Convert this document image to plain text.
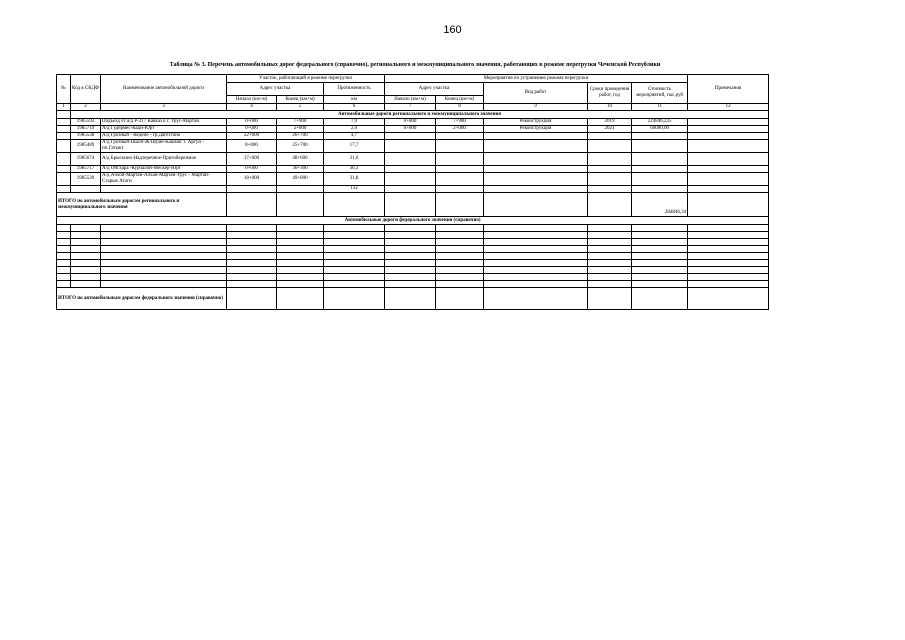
160
Таблица № 3. Перечень автомобильных дорог федерального (справочно), регионального и межмуниципального значения, работающих в режиме перегрузки Чеченской Республики
№	Код в СКДФ	Наименование автомобильной дороги	Участок, работающий в режиме перегрузки			Мероприятия по устранению режима перегрузки					Примечания
			Адрес участка		Протяженность	Адрес участка		Вид работ	Сроки проведения работ, год	Стоимость мероприятий, тыс.руб	
			Начало (км+м)	Конец (км+м)	км	Начало (км+м)	Конец (км+м)				
1	2	3	4	5	6	7	8	9	10	11	12
	Автомобильные дороги регионального и межмуниципального значения										
	1985592	Подъезд от а/д Р-217 Кавказ к г. Урус-Мартан	0+000	7+900	7,9	0+000	7+900	Реконструкция	2019	224846,235	
	1985719	А/д Гудермес-Кади-Юрт	0+000	2+000	2,0	0+000	2+000	Реконструкция	2021	60000,00	
	1985538	А/д Грозный - Ведено - гр.Дагестана	22+000	26+700	4,7						
	1985489	А/д Грозный-Шали-Ж/Шуме-Кашмаг з. Аргун - пп.Гатыкт	8+000	25+700	17,7						
	1985674	А/д Брыскино-Надтеречное-Пригобережное	17+000	48+600	31,6						
	1985717	А/д Ойсхара -Курчалой-Мескер-Юрт	0+000	36+300	36,3						
	1985539	А/д Ачхой-Мартан-Алхан-Мартан-Урус - Мартан-Старые Атаги	18+000	49+800	31,8						
					132						
ИТОГО по автомобильным дорогам регионального и межмуниципального значения										284846,34	
Автомобильные дороги федерального значения (справочно)											

ИТОГО по автомобильным дорогам федерального значения (справочно)											
